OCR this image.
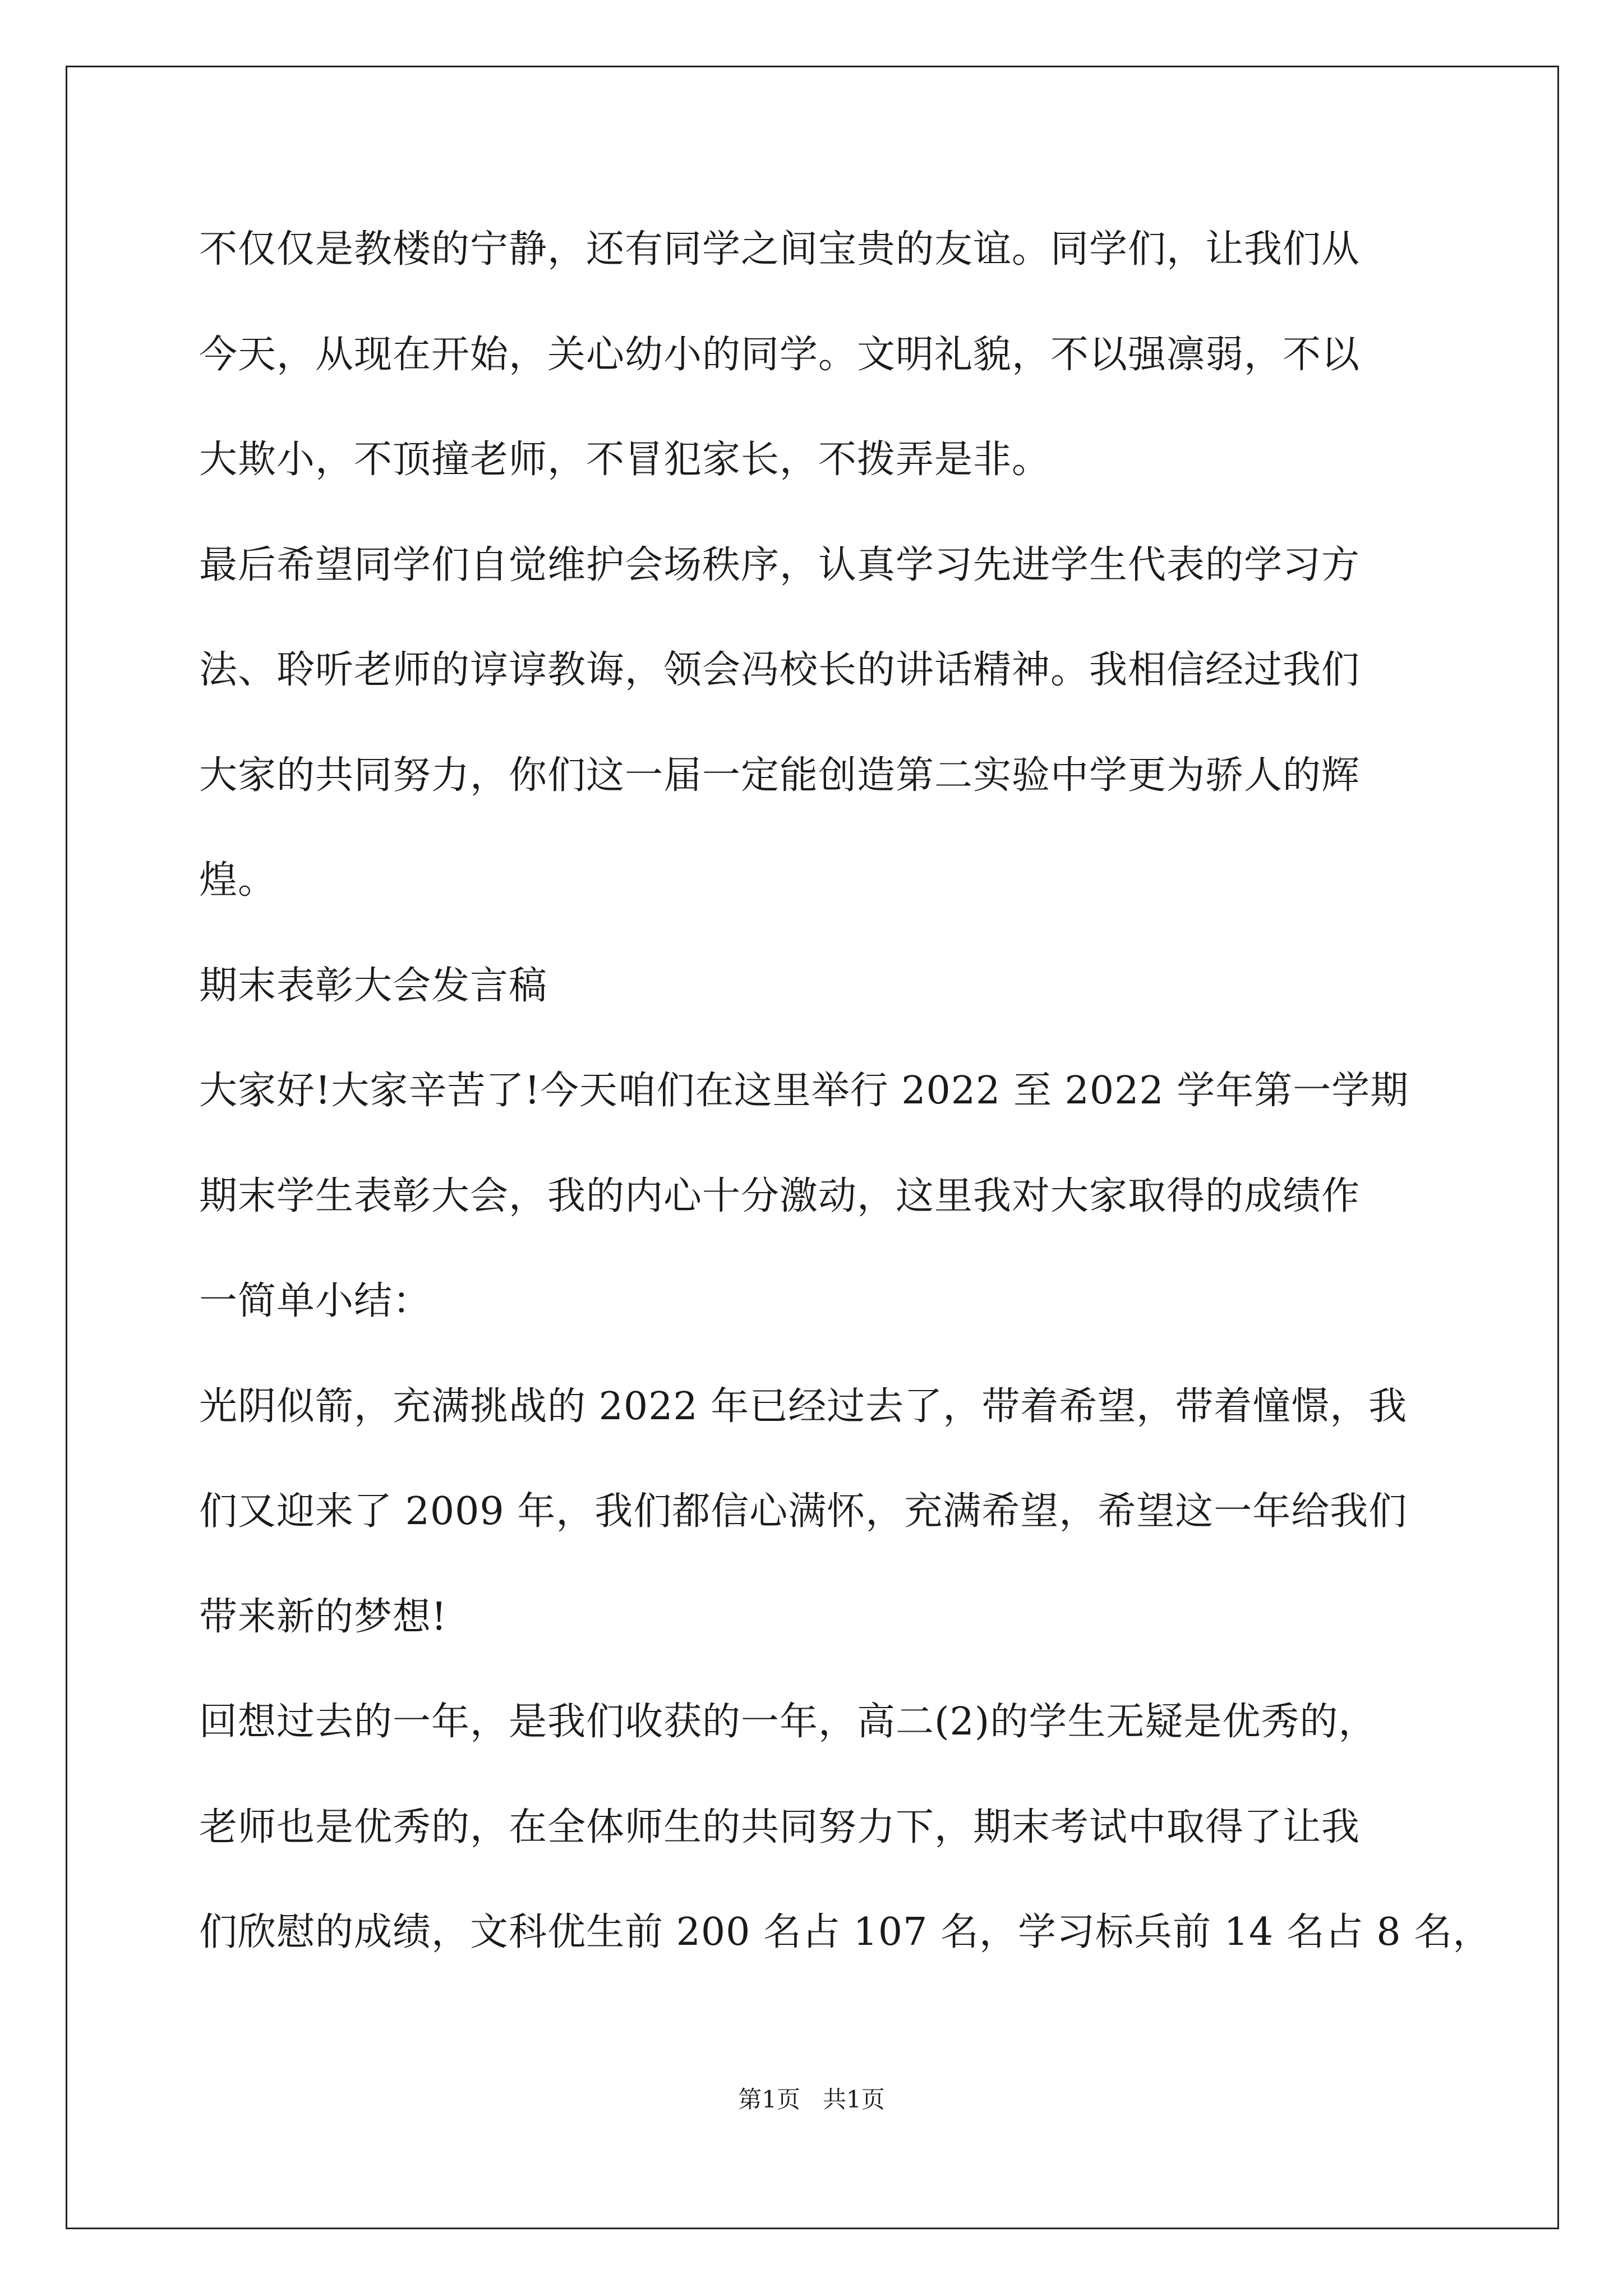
不仅仅是教楼的宁静，还有同学之间宝贵的友谊。同学们，让我们从
今天，从现在开始，关心幼小的同学。文明礼貌，不以强凛弱，不以
大欺小，不顶撞老师，不冒犯家长，不拨弄是非。
最后希望同学们自觉维护会场秩序，认真学习先进学生代表的学习方
法、聆听老师的谆谆教诲，领会冯校长的讲话精神。我相信经过我们
大家的共同努力，你们这一届一定能创造第二实验中学更为骄人的辉
煌。
期末表彰大会发言稿
大家好!大家辛苦了!今天咱们在这里举行 2022 至 2022 学年第一学期
期末学生表彰大会，我的内心十分激动，这里我对大家取得的成绩作
一简单小结：
光阴似箭，充满挑战的 2022 年已经过去了，带着希望，带着憧憬，我
们又迎来了 2009 年，我们都信心满怀，充满希望，希望这一年给我们
带来新的梦想!
回想过去的一年，是我们收获的一年，高二(2)的学生无疑是优秀的，
老师也是优秀的，在全体师生的共同努力下，期末考试中取得了让我
们欣慰的成绩，文科优生前 200 名占 107 名，学习标兵前 14 名占 8 名，
第1页   共1页
